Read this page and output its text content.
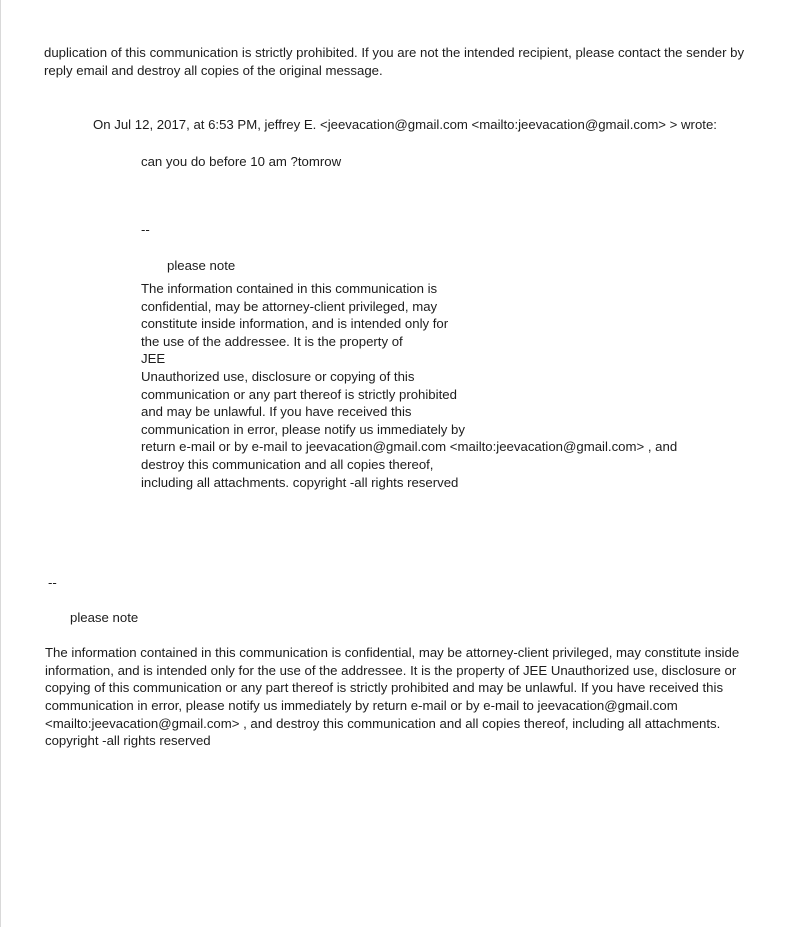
duplication of this communication is strictly prohibited. If you are not the intended recipient, please contact the sender by reply email and destroy all copies of the original message.

On Jul 12, 2017, at 6:53 PM, jeffrey E. <jeevacation@gmail.com <mailto:jeevacation@gmail.com> > wrote:

can you do before 10 am ?tomrow

--

please note

The information contained in this communication is
confidential, may be attorney-client privileged, may
constitute inside information, and is intended only for
the use of the addressee. It is the property of
JEE
Unauthorized use, disclosure or copying of this
communication or any part thereof is strictly prohibited
and may be unlawful. If you have received this
communication in error, please notify us immediately by
return e-mail or by e-mail to jeevacation@gmail.com <mailto:jeevacation@gmail.com> , and
destroy this communication and all copies thereof,
including all attachments. copyright -all rights reserved

--

please note

The information contained in this communication is confidential, may be attorney-client privileged, may constitute inside information, and is intended only for the use of the addressee. It is the property of JEE Unauthorized use, disclosure or copying of this communication or any part thereof is strictly prohibited and may be unlawful. If you have received this communication in error, please notify us immediately by return e-mail or by e-mail to jeevacation@gmail.com <mailto:jeevacation@gmail.com> , and destroy this communication and all copies thereof, including all attachments. copyright -all rights reserved
